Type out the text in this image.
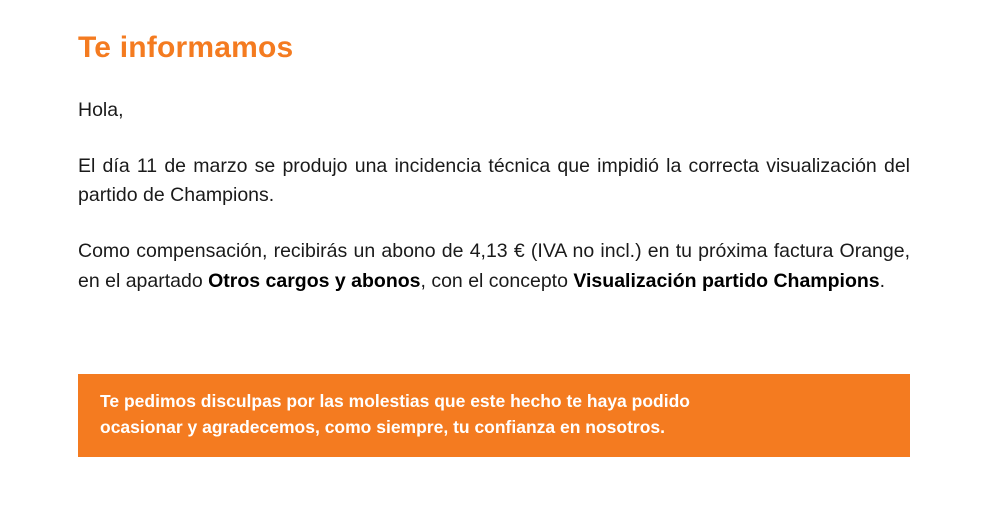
Te informamos

Hola,

El día 11 de marzo se produjo una incidencia técnica que impidió la correcta visualización del partido de Champions.

Como compensación, recibirás un abono de 4,13 € (IVA no incl.) en tu próxima factura Orange, en el apartado Otros cargos y abonos, con el concepto Visualización partido Champions.

Te pedimos disculpas por las molestias que este hecho te haya podido
ocasionar y agradecemos, como siempre, tu confianza en nosotros.
